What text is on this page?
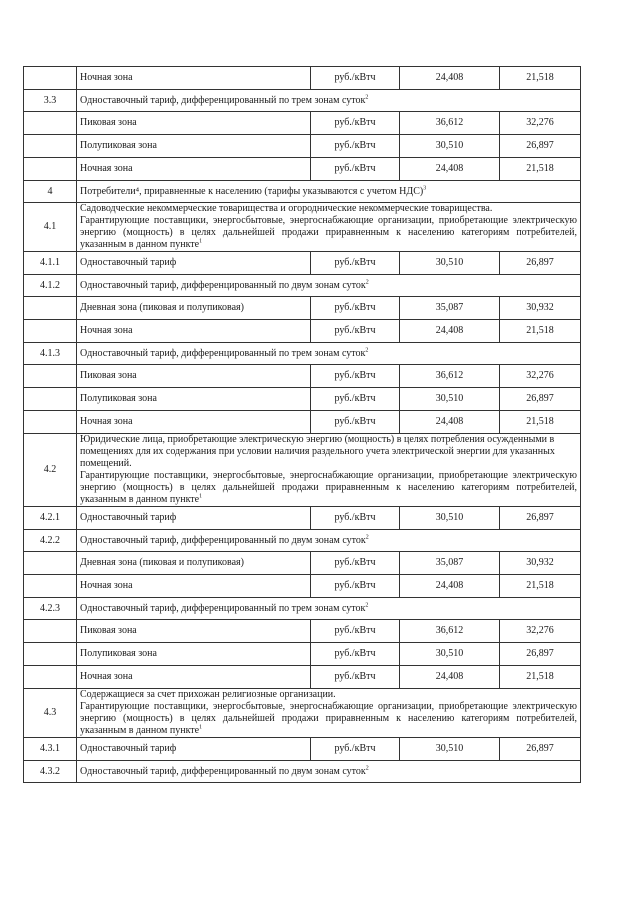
	Ночная зона	руб./кВтч	24,408	21,518
3.3	Одноставочный тариф, дифференцированный по трем зонам суток$^2$
	Пиковая зона	руб./кВтч	36,612	32,276
	Полупиковая зона	руб./кВтч	30,510	26,897
	Ночная зона	руб./кВтч	24,408	21,518
4	Потребители⁴, приравненные к населению (тарифы указываются с учетом НДС)$^3$
4.1	Садоводческие некоммерческие товарищества и огороднические некоммерческие товарищества.
Гарантирующие поставщики, энергосбытовые, энергоснабжающие организации, приобретающие электрическую энергию (мощность) в целях дальнейшей продажи приравненным к населению категориям потребителей, указанным в данном пункте$^1$

4.1.1	Одноставочный тариф	руб./кВтч	30,510	26,897
4.1.2	Одноставочный тариф, дифференцированный по двум зонам суток$^2$
	Дневная зона (пиковая и полупиковая)	руб./кВтч	35,087	30,932
	Ночная зона	руб./кВтч	24,408	21,518
4.1.3	Одноставочный тариф, дифференцированный по трем зонам суток$^2$
	Пиковая зона	руб./кВтч	36,612	32,276
	Полупиковая зона	руб./кВтч	30,510	26,897
	Ночная зона	руб./кВтч	24,408	21,518
4.2	Юридические лица, приобретающие электрическую энергию (мощность) в целях потребления осужденными в помещениях для их содержания при условии наличия раздельного учета электрической энергии для указанных помещений.
Гарантирующие поставщики, энергосбытовые, энергоснабжающие организации, приобретающие электрическую энергию (мощность) в целях дальнейшей продажи приравненным к населению категориям потребителей, указанным в данном пункте$^1$

4.2.1	Одноставочный тариф	руб./кВтч	30,510	26,897
4.2.2	Одноставочный тариф, дифференцированный по двум зонам суток$^2$
	Дневная зона (пиковая и полупиковая)	руб./кВтч	35,087	30,932
	Ночная зона	руб./кВтч	24,408	21,518
4.2.3	Одноставочный тариф, дифференцированный по трем зонам суток$^2$
	Пиковая зона	руб./кВтч	36,612	32,276
	Полупиковая зона	руб./кВтч	30,510	26,897
	Ночная зона	руб./кВтч	24,408	21,518
4.3	Содержащиеся за счет прихожан религиозные организации.
Гарантирующие поставщики, энергосбытовые, энергоснабжающие организации, приобретающие электрическую энергию (мощность) в целях дальнейшей продажи приравненным к населению категориям потребителей, указанным в данном пункте$^1$

4.3.1	Одноставочный тариф	руб./кВтч	30,510	26,897
4.3.2	Одноставочный тариф, дифференцированный по двум зонам суток$^2$
